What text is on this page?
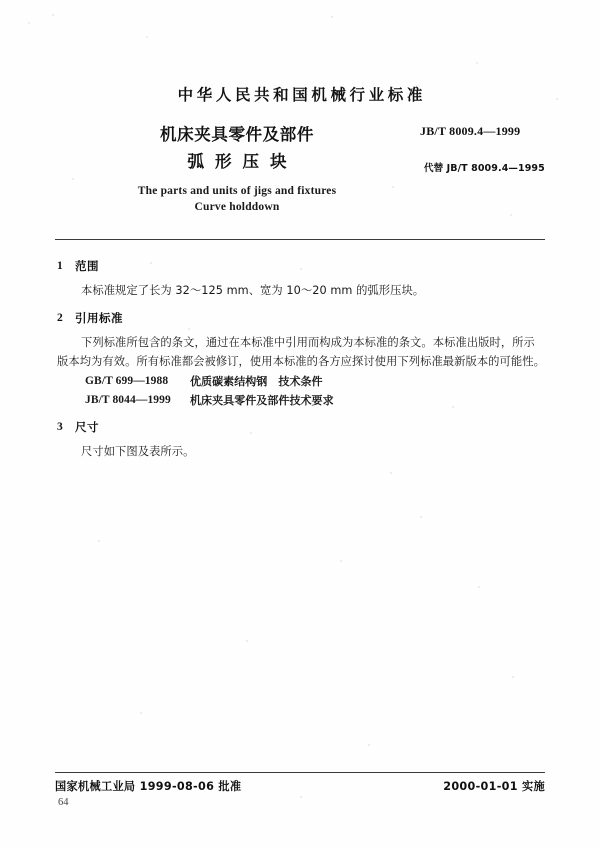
中华人民共和国机械行业标准
机床夹具零件及部件
弧形压块
The parts and units of jigs and fixtures
Curve holddown
JB/T 8009.4—1999
代替 JB/T 8009.4—1995
1	范围
本标准规定了长为 32～125 mm、宽为 10～20 mm 的弧形压块。
2	引用标准
下列标准所包含的条文，通过在本标准中引用而构成为本标准的条文。本标准出版时，所示版本均为有效。所有标准都会被修订，使用本标准的各方应探讨使用下列标准最新版本的可能性。
GB/T 699—1988	优质碳素结构钢　技术条件
JB/T 8044—1999	机床夹具零件及部件技术要求
3	尺寸
尺寸如下图及表所示。
国家机械工业局 1999-08-06 批准	2000-01-01 实施
64
